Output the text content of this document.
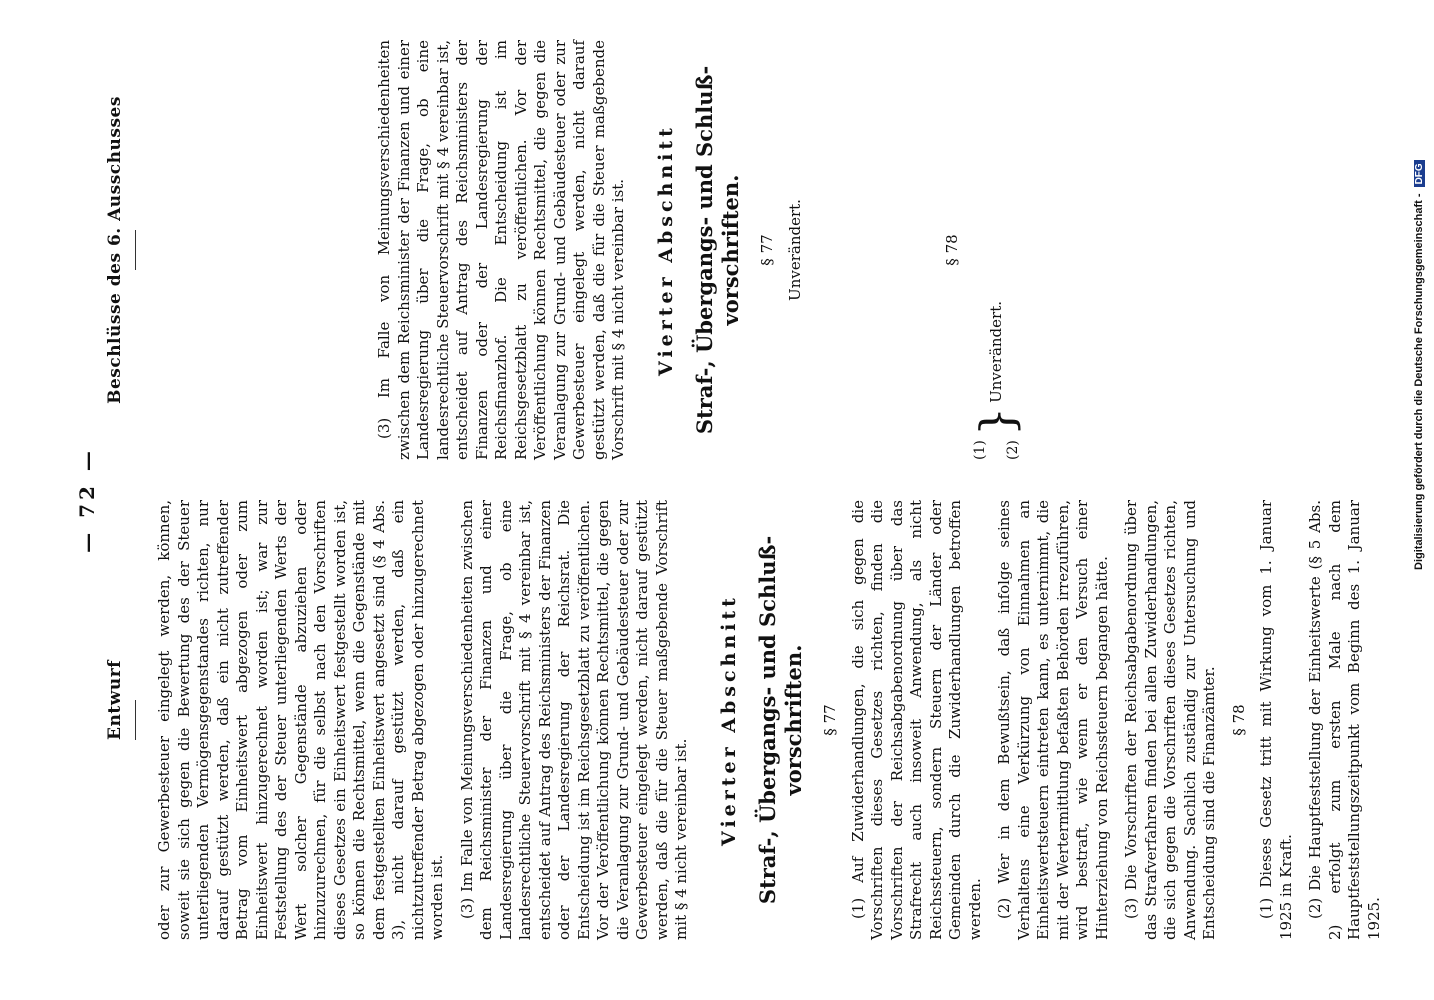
— 72 —
Entwurf
Beschlüsse des 6. Ausschusses

oder zur Gewerbesteuer eingelegt werden, können, soweit sie sich gegen die Bewertung des der Steuer unterliegenden Vermögensgegenstandes richten, nur darauf gestützt werden, daß ein nicht zutreffender Betrag vom Einheitswert abgezogen oder zum Einheitswert hinzugerechnet worden ist; war zur Feststellung des der Steuer unterliegenden Werts der Wert solcher Gegenstände abzuziehen oder hinzuzurechnen, für die selbst nach den Vorschriften dieses Gesetzes ein Einheitswert festgestellt worden ist, so können die Rechtsmittel, wenn die Gegenstände mit dem festgestellten Einheitswert angesetzt sind (§ 4 Abs. 3), nicht darauf gestützt werden, daß ein nichtzutreffender Betrag abgezogen oder hinzugerechnet worden ist. (3) Im Falle von Meinungsverschiedenheiten zwischen dem Reichsminister der Finanzen und einer Landesregierung über die Frage, ob eine landesrechtliche Steuervorschrift mit § 4 vereinbar ist, entscheidet auf Antrag des Reichsministers der Finanzen oder der Landesregierung der Reichsrat. Die Entscheidung ist im Reichsgesetzblatt zu veröffentlichen. Vor der Veröffentlichung können Rechtsmittel, die gegen die Veranlagung zur Grund- und Gebäudesteuer oder zur Gewerbesteuer eingelegt werden, nicht darauf gestützt werden, daß die für die Steuer maßgebende Vorschrift mit § 4 nicht vereinbar ist. Vierter Abschnitt Straf-, Übergangs- und Schluß-vorschriften. § 77 (1) Auf Zuwiderhandlungen, die sich gegen die Vorschriften dieses Gesetzes richten, finden die Vorschriften der Reichsabgabenordnung über das Strafrecht auch insoweit Anwendung, als nicht Reichssteuern, sondern Steuern der Länder oder Gemeinden durch die Zuwiderhandlungen betroffen werden. (2) Wer in dem Bewußtsein, daß infolge seines Verhaltens eine Verkürzung von Einnahmen an Einheitswertsteuern eintreten kann, es unternimmt, die mit der Wertermittlung befaßten Behörden irrezuführen, wird bestraft, wie wenn er den Versuch einer Hinterziehung von Reichssteuern begangen hätte. (3) Die Vorschriften der Reichsabgabenordnung über das Strafverfahren finden bei allen Zuwiderhandlungen, die sich gegen die Vorschriften dieses Gesetzes richten, Anwendung. Sachlich zuständig zur Untersuchung und Entscheidung sind die Finanzämter. § 78 (1) Dieses Gesetz tritt mit Wirkung vom 1. Januar 1925 in Kraft. (2) Die Hauptfeststellung der Einheitswerte (§ 5 Abs. 2) erfolgt zum ersten Male nach dem Hauptfeststellungszeitpunkt vom Beginn des 1. Januar 1925.

(3) Im Falle von Meinungsverschiedenheiten zwischen dem Reichsminister der Finanzen und einer Landesregierung über die Frage, ob eine landesrechtliche Steuervorschrift mit § 4 vereinbar ist, entscheidet auf Antrag des Reichsministers der Finanzen oder der Landesregierung der Reichsfinanzhof. Die Entscheidung ist im Reichsgesetzblatt zu veröffentlichen. Vor der Veröffentlichung können Rechtsmittel, die gegen die Veranlagung zur Grund- und Gebäudesteuer oder zur Gewerbesteuer eingelegt werden, nicht darauf gestützt werden, daß die für die Steuer maßgebende Vorschrift mit § 4 nicht vereinbar ist. Vierter Abschnitt Straf-, Übergangs- und Schluß-vorschriften. § 77 Unverändert.	§ 78
(1) (2)
}
Unverändert.	Digitalisierung gefördert durch die Deutsche Forschungsgemeinschaft - DFG
